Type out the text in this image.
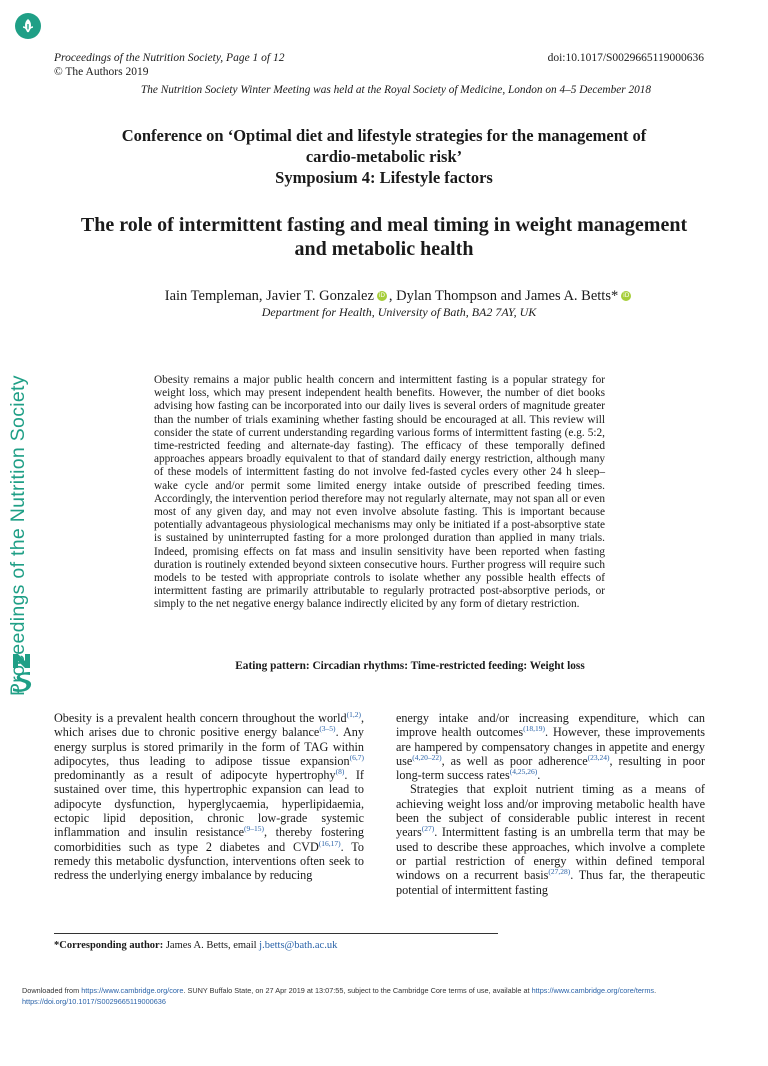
Proceedings of the Nutrition Society, Page 1 of 12
© The Authors 2019
doi:10.1017/S0029665119000636
The Nutrition Society Winter Meeting was held at the Royal Society of Medicine, London on 4–5 December 2018
Conference on ‘Optimal diet and lifestyle strategies for the management of
cardio-metabolic risk’
Symposium 4: Lifestyle factors
The role of intermittent fasting and meal timing in weight management
and metabolic health
Iain Templeman, Javier T. Gonzalez iD , Dylan Thompson and James A. Betts* iD
Department for Health, University of Bath, BA2 7AY, UK
Obesity remains a major public health concern and intermittent fasting is a popular strategy for weight loss, which may present independent health benefits. However, the number of diet books advising how fasting can be incorporated into our daily lives is several orders of magnitude greater than the number of trials examining whether fasting should be encouraged at all. This review will consider the state of current understanding regarding various forms of intermittent fasting (e.g. 5:2, time-restricted feeding and alternate-day fasting). The efficacy of these temporally defined approaches appears broadly equivalent to that of standard daily energy restriction, although many of these models of intermittent fasting do not involve fed-fasted cycles every other 24 h sleep–wake cycle and/or permit some limited energy intake outside of prescribed feeding times. Accordingly, the intervention period therefore may not regularly alternate, may not span all or even most of any given day, and may not even involve absolute fasting. This is important because potentially advantageous physiological mechanisms may only be initiated if a post-absorptive state is sustained by uninterrupted fasting for a more prolonged duration than applied in many trials. Indeed, promising effects on fat mass and insulin sensitivity have been reported when fasting duration is routinely extended beyond sixteen consecutive hours. Further progress will require such models to be tested with appropriate controls to isolate whether any possible health effects of intermittent fasting are primarily attributable to regularly protracted post-absorptive periods, or simply to the net negative energy balance indirectly elicited by any form of dietary restriction.
Eating pattern: Circadian rhythms: Time-restricted feeding: Weight loss

Obesity is a prevalent health concern throughout the world$^{(1,2)}$, which arises due to chronic positive energy balance$^{(3-5)}$. Any energy surplus is stored primarily in the form of TAG within adipocytes, thus leading to adipose tissue expansion$^{(6,7)}$ predominantly as a result of adipocyte hypertrophy$^{(8)}$. If sustained over time, this hypertrophic expansion can lead to adipocyte dysfunction, hyperglycaemia, hyperlipidaemia, ectopic lipid deposition, chronic low-grade systemic inflammation and insulin resistance$^{(9-15)}$, thereby fostering comorbidities such as type 2 diabetes and CVD$^{(16,17)}$. To remedy this metabolic dysfunction, interventions often seek to redress the underlying energy imbalance by reducing

energy intake and/or increasing expenditure, which can improve health outcomes$^{(18,19)}$. However, these improvements are hampered by compensatory changes in appetite and energy use$^{(4,20-22)}$, as well as poor adherence$^{(23,24)}$, resulting in poor long-term success rates$^{(4,25,26)}$.

Strategies that exploit nutrient timing as a means of achieving weight loss and/or improving metabolic health have been the subject of considerable public interest in recent years$^{(27)}$. Intermittent fasting is an umbrella term that may be used to describe these approaches, which involve a complete or partial restriction of energy within defined temporal windows on a recurrent basis$^{(27,28)}$. Thus far, the therapeutic potential of intermittent fasting

*Corresponding author: James A. Betts, email j.betts@bath.ac.uk
Downloaded from https://www.cambridge.org/core. SUNY Buffalo State, on 27 Apr 2019 at 13:07:55, subject to the Cambridge Core terms of use, available at https://www.cambridge.org/core/terms.
https://doi.org/10.1017/S0029665119000636
Proceedings of the Nutrition Society
